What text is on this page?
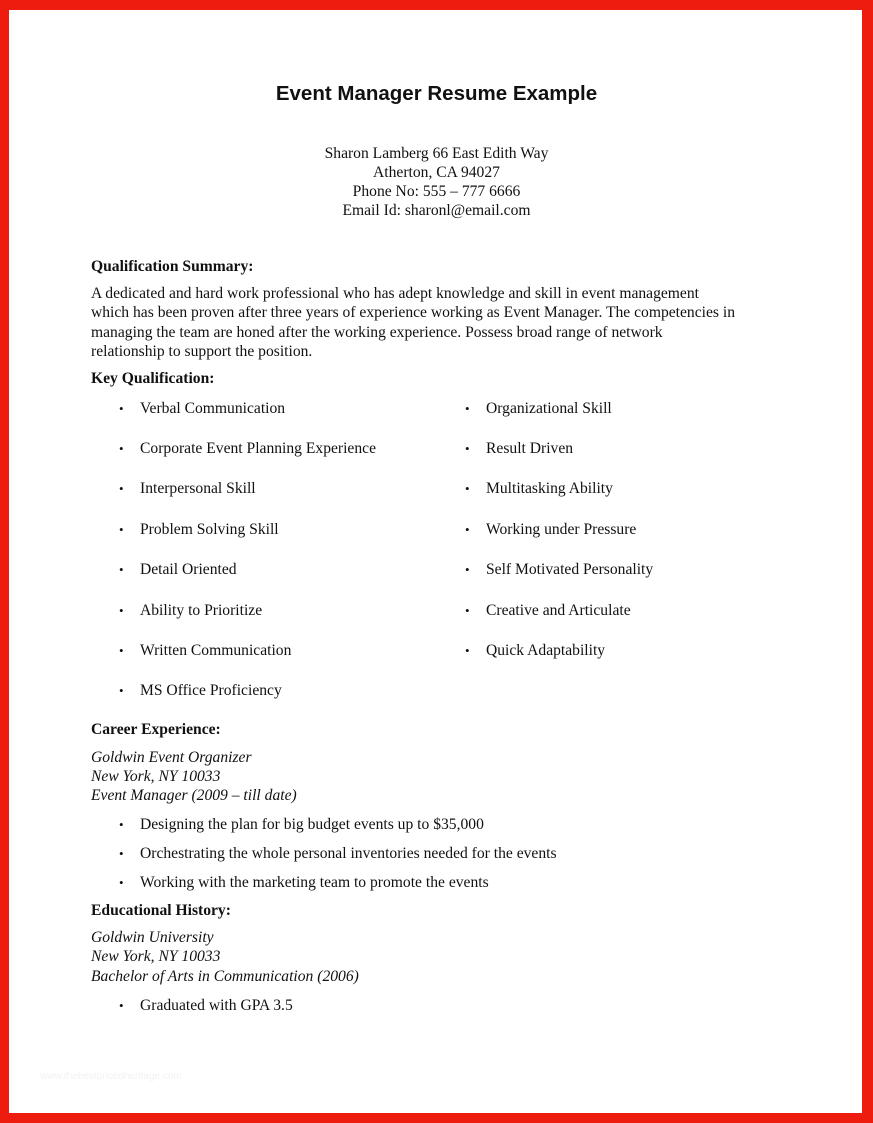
Event Manager Resume Example
Sharon Lamberg 66 East Edith Way
Atherton, CA 94027
Phone No: 555 – 777 6666
Email Id: sharonl@email.com
Qualification Summary:
A dedicated and hard work professional who has adept knowledge and skill in event management
which has been proven after three years of experience working as Event Manager. The competencies in
managing the team are honed after the working experience. Possess broad range of network
relationship to support the position.
Key Qualification:
• Verbal Communication
• Corporate Event Planning Experience
• Interpersonal Skill
• Problem Solving Skill
• Detail Oriented
• Ability to Prioritize
• Written Communication
• MS Office Proficiency
• Organizational Skill
• Result Driven
• Multitasking Ability
• Working under Pressure
• Self Motivated Personality
• Creative and Articulate
• Quick Adaptability
Career Experience:
Goldwin Event Organizer
New York, NY 10033
Event Manager (2009 – till date)
• Designing the plan for big budget events up to $35,000
• Orchestrating the whole personal inventories needed for the events
• Working with the marketing team to promote the events
Educational History:
Goldwin University
New York, NY 10033
Bachelor of Arts in Communication (2006)
• Graduated with GPA 3.5
www.thebestpricedheritage.com
